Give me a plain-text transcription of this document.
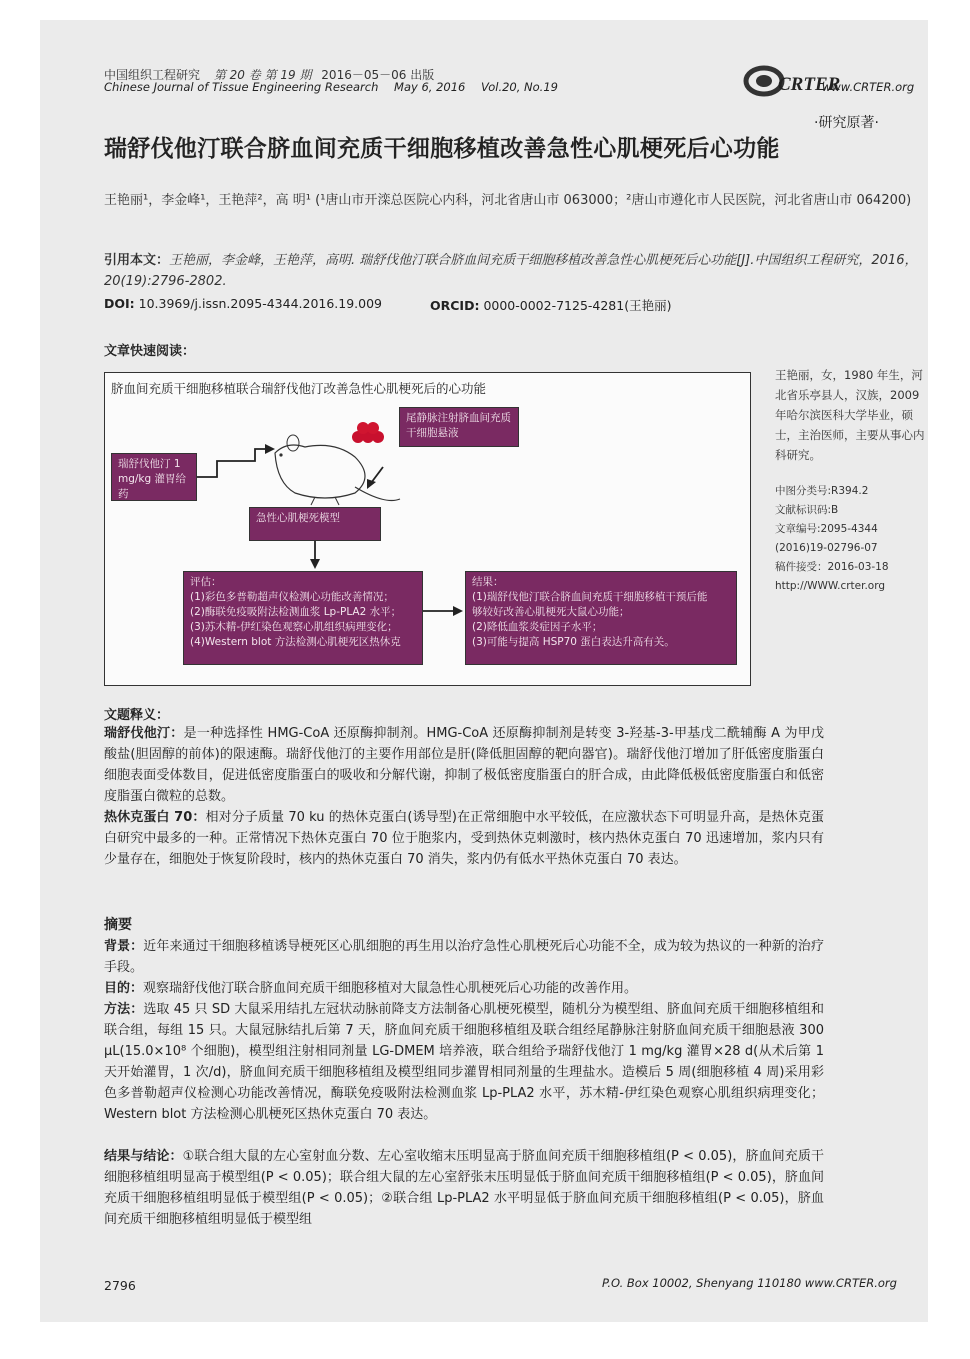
中国组织工程研究 第 20 卷 第 19 期 2016－05－06 出版
Chinese Journal of Tissue Engineering Research May 6, 2016 Vol.20, No.19	CRTER
www.CRTER.org
·研究原著·
瑞舒伐他汀联合脐血间充质干细胞移植改善急性心肌梗死后心功能
王艳丽¹，李金峰¹，王艳萍²，高 明¹ (¹唐山市开滦总医院心内科，河北省唐山市 063000；²唐山市遵化市人民医院，河北省唐山市 064200)
引用本文：王艳丽，李金峰，王艳萍，高明. 瑞舒伐他汀联合脐血间充质干细胞移植改善急性心肌梗死后心功能[J].中国组织工程研究，2016，20(19):2796-2802.
DOI: 10.3969/j.issn.2095-4344.2016.19.009	ORCID: 0000-0002-7125-4281(王艳丽)
文章快速阅读：
脐血间充质干细胞移植联合瑞舒伐他汀改善急性心肌梗死后的心功能
瑞舒伐他汀 1 mg/kg 灌胃给药
尾静脉注射脐血间充质干细胞悬液
急性心肌梗死模型
评估：
(1)彩色多普勒超声仪检测心功能改善情况；
(2)酶联免疫吸附法检测血浆 Lp-PLA2 水平；
(3)苏木精-伊红染色观察心肌组织病理变化；
(4)Western blot 方法检测心肌梗死区热休克
结果：
(1)瑞舒伐他汀联合脐血间充质干细胞移植干预后能
够较好改善心肌梗死大鼠心功能；
(2)降低血浆炎症因子水平；
(3)可能与提高 HSP70 蛋白表达升高有关。
王艳丽，女，1980 年生，河北省乐亭县人，汉族，2009 年哈尔滨医科大学毕业，硕士，主治医师，主要从事心内科研究。
中图分类号:R394.2
文献标识码:B
文章编号:2095-4344
(2016)19-02796-07
稿件接受：2016-03-18
http://WWW.crter.org
文题释义：
瑞舒伐他汀：是一种选择性 HMG-CoA 还原酶抑制剂。HMG-CoA 还原酶抑制剂是转变 3-羟基-3-甲基戊二酰辅酶 A 为甲戊酸盐(胆固醇的前体)的限速酶。瑞舒伐他汀的主要作用部位是肝(降低胆固醇的靶向器官)。瑞舒伐他汀增加了肝低密度脂蛋白细胞表面受体数目，促进低密度脂蛋白的吸收和分解代谢，抑制了极低密度脂蛋白的肝合成，由此降低极低密度脂蛋白和低密度脂蛋白微粒的总数。
热休克蛋白 70：相对分子质量 70 ku 的热休克蛋白(诱导型)在正常细胞中水平较低，在应激状态下可明显升高，是热休克蛋白研究中最多的一种。正常情况下热休克蛋白 70 位于胞浆内，受到热休克刺激时，核内热休克蛋白 70 迅速增加，浆内只有少量存在，细胞处于恢复阶段时，核内的热休克蛋白 70 消失，浆内仍有低水平热休克蛋白 70 表达。
摘要
背景：近年来通过干细胞移植诱导梗死区心肌细胞的再生用以治疗急性心肌梗死后心功能不全，成为较为热议的一种新的治疗手段。
目的：观察瑞舒伐他汀联合脐血间充质干细胞移植对大鼠急性心肌梗死后心功能的改善作用。
方法：选取 45 只 SD 大鼠采用结扎左冠状动脉前降支方法制备心肌梗死模型，随机分为模型组、脐血间充质干细胞移植组和联合组，每组 15 只。大鼠冠脉结扎后第 7 天，脐血间充质干细胞移植组及联合组经尾静脉注射脐血间充质干细胞悬液 300 μL(15.0×10⁸ 个细胞)，模型组注射相同剂量 LG-DMEM 培养液，联合组给予瑞舒伐他汀 1 mg/kg 灌胃×28 d(从术后第 1 天开始灌胃，1 次/d)，脐血间充质干细胞移植组及模型组同步灌胃相同剂量的生理盐水。造模后 5 周(细胞移植 4 周)采用彩色多普勒超声仪检测心功能改善情况，酶联免疫吸附法检测血浆 Lp-PLA2 水平，苏木精-伊红染色观察心肌组织病理变化；Western blot 方法检测心肌梗死区热休克蛋白 70 表达。
结果与结论：①联合组大鼠的左心室射血分数、左心室收缩末压明显高于脐血间充质干细胞移植组(P < 0.05)，脐血间充质干细胞移植组明显高于模型组(P < 0.05)；联合组大鼠的左心室舒张末压明显低于脐血间充质干细胞移植组(P < 0.05)，脐血间充质干细胞移植组明显低于模型组(P < 0.05)；②联合组 Lp-PLA2 水平明显低于脐血间充质干细胞移植组(P < 0.05)，脐血间充质干细胞移植组明显低于模型组
2796	P.O. Box 10002, Shenyang 110180 www.CRTER.org
